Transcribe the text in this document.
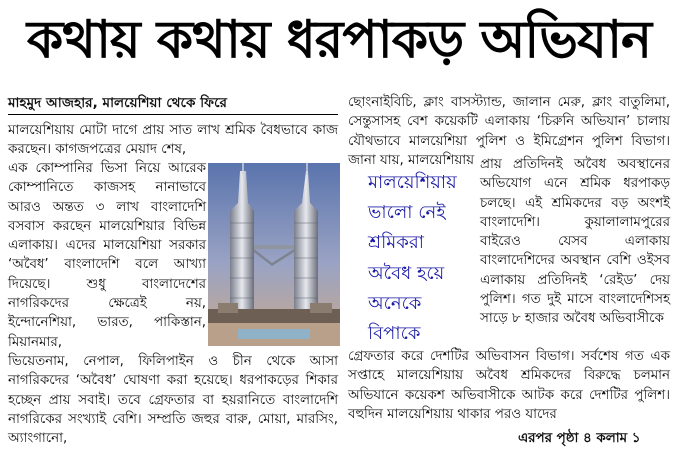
কথায় কথায় ধরপাকড় অভিযান
মাহমুদ আজহার, মালয়েশিয়া থেকে ফিরে

মালয়েশিয়ায় মোটা দাগে প্রায় সাত লাখ শ্রমিক বৈধভাবে কাজ করছেন। কাগজপত্রের মেয়াদ শেষ,

এক কোম্পানির ভিসা নিয়ে আরেক কোম্পানিতে কাজসহ নানাভাবে আরও অন্তত ৩ লাখ বাংলাদেশি বসবাস করছেন মালয়েশিয়ার বিভিন্ন এলাকায়। এদের মালয়েশিয়া সরকার ‘অবৈধ’ বাংলাদেশি বলে আখ্যা দিয়েছে। শুধু বাংলাদেশের নাগরিকদের ক্ষেত্রেই নয়, ইন্দোনেশিয়া, ভারত, পাকিস্তান, মিয়ানমার,

ভিয়েতনাম, নেপাল, ফিলিপাইন ও চীন থেকে আসা নাগরিকদের ‘অবৈধ’ ঘোষণা করা হয়েছে। ধরপাকড়ের শিকার হচ্ছেন প্রায় সবাই। তবে গ্রেফতার বা হয়রানিতে বাংলাদেশি নাগরিকের সংখ্যাই বেশি। সম্প্রতি জহুর বারু, মোয়া, মারসিং, অ্যাংগানো,

ছোংনাইবিচি, ক্লাং বাসস্ট্যান্ড, জালান মেরু, ক্লাং বাতুলিমা, সেন্তুসাসহ বেশ কয়েকটি এলাকায় ‘চিরুনি অভিযান’ চালায় যৌথভাবে মালয়েশিয়া পুলিশ ও ইমিগ্রেশন পুলিশ বিভাগ। জানা যায়, মালয়েশিয়ায়

মালয়েশিয়ায়
ভালো নেই
শ্রমিকরা
অবৈধ হয়ে
অনেকে
বিপাকে

প্রায় প্রতিদিনই অবৈধ অবস্থানের অভিযোগ এনে শ্রমিক ধরপাকড় চলছে। এই শ্রমিকদের বড় অংশই বাংলাদেশি। কুয়ালালামপুরের বাইরেও যেসব এলাকায় বাংলাদেশিদের অবস্থান বেশি ওইসব এলাকায় প্রতিদিনই ‘রেইড’ দেয় পুলিশ। গত দুই মাসে বাংলাদেশিসহ সাড়ে ৮ হাজার অবৈধ অভিবাসীকে

গ্রেফতার করে দেশটির অভিবাসন বিভাগ। সর্বশেষ গত এক সপ্তাহে মালয়েশিয়ায় অবৈধ শ্রমিকদের বিরুদ্ধে চলমান অভিযানে কয়েকশ অভিবাসীকে আটক করে দেশটির পুলিশ। বহুদিন মালয়েশিয়ায় থাকার পরও যাদের

এরপর পৃষ্ঠা ৪ কলাম ১
